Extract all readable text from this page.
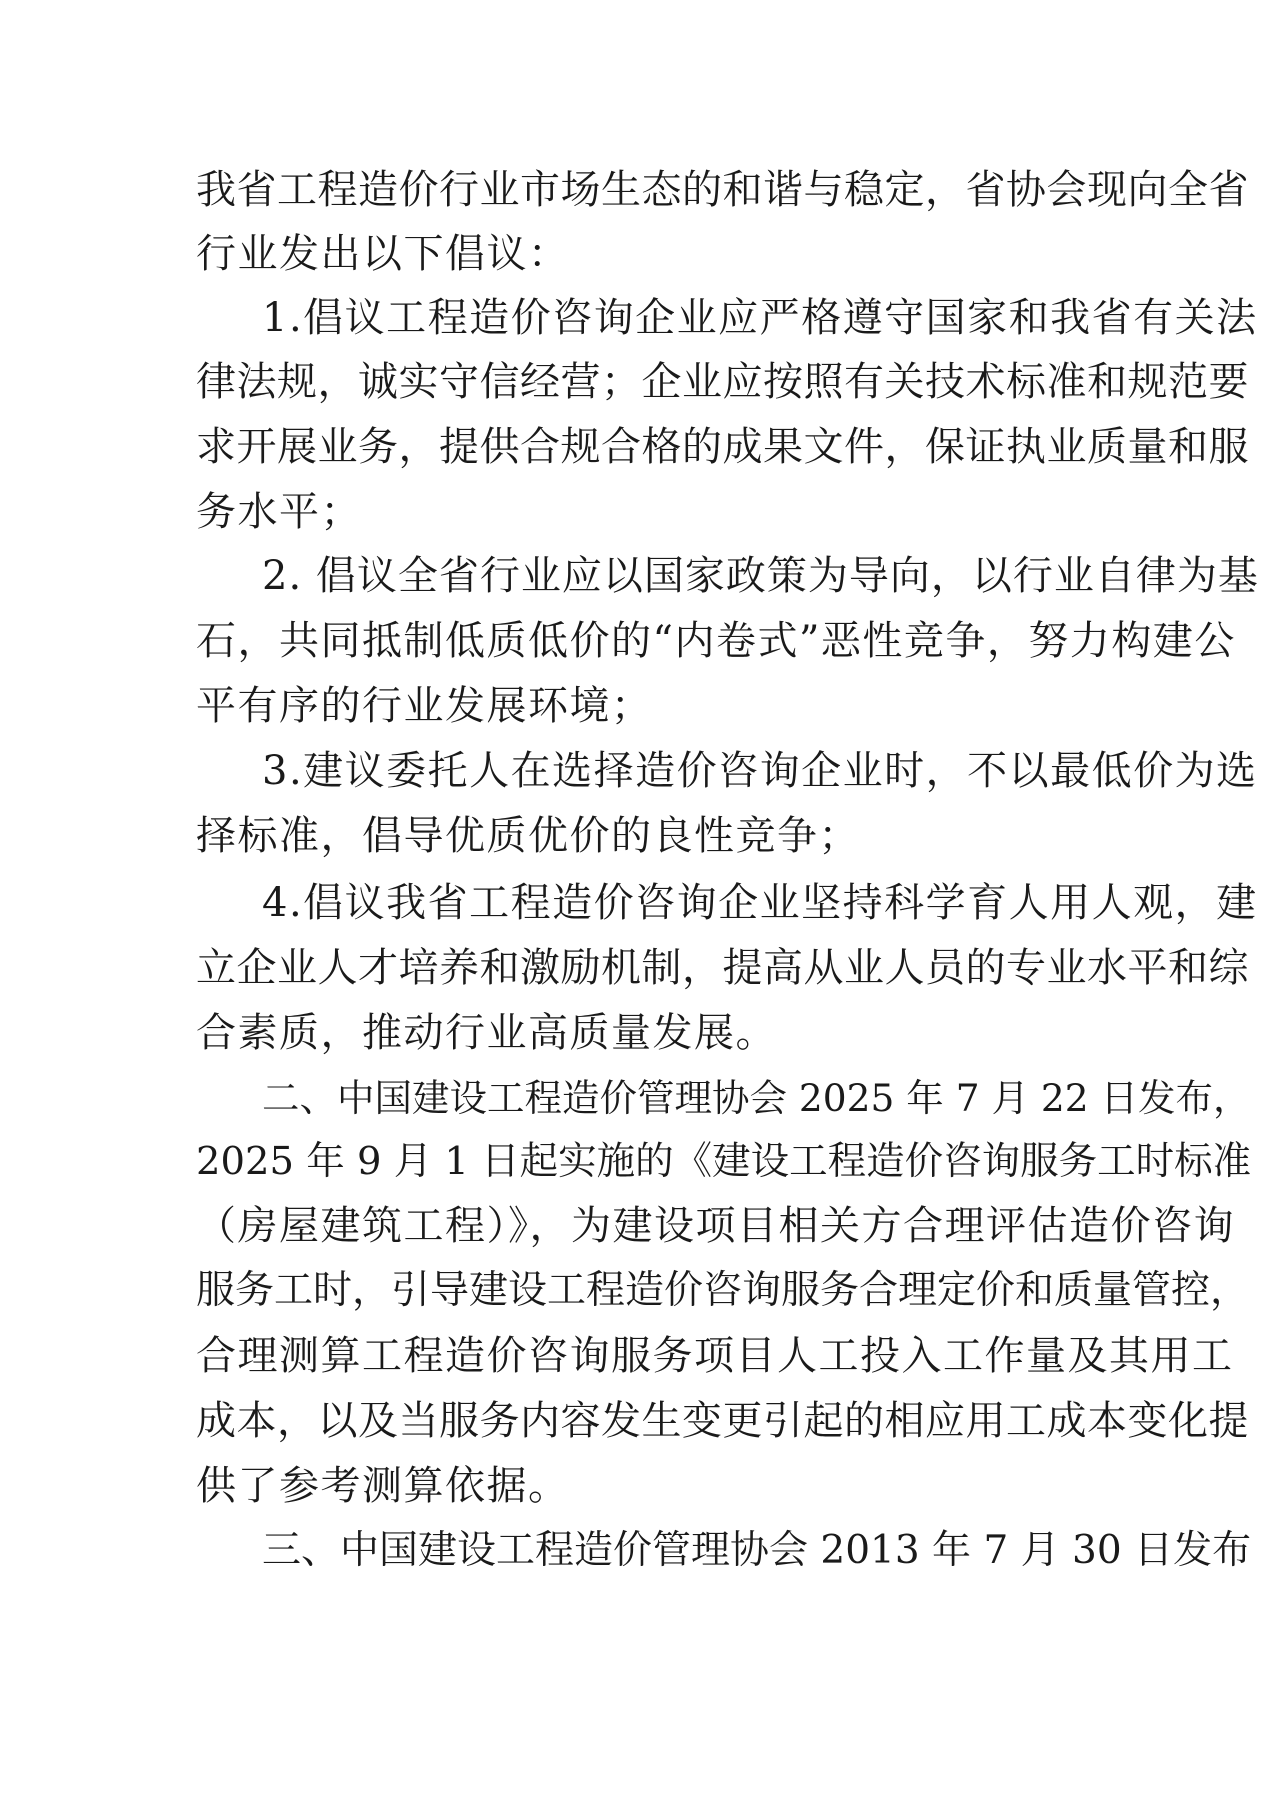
我省工程造价行业市场生态的和谐与稳定，省协会现向全省
行业发出以下倡议：
1.倡议工程造价咨询企业应严格遵守国家和我省有关法
律法规，诚实守信经营；企业应按照有关技术标准和规范要
求开展业务，提供合规合格的成果文件，保证执业质量和服
务水平；
2. 倡议全省行业应以国家政策为导向，以行业自律为基
石，共同抵制低质低价的“内卷式”恶性竞争，努力构建公
平有序的行业发展环境；
3.建议委托人在选择造价咨询企业时，不以最低价为选
择标准，倡导优质优价的良性竞争；
4.倡议我省工程造价咨询企业坚持科学育人用人观，建
立企业人才培养和激励机制，提高从业人员的专业水平和综
合素质，推动行业高质量发展。
二、中国建设工程造价管理协会 2025 年 7 月 22 日发布，
2025 年 9 月 1 日起实施的《建设工程造价咨询服务工时标准
（房屋建筑工程）》，为建设项目相关方合理评估造价咨询
服务工时，引导建设工程造价咨询服务合理定价和质量管控，
合理测算工程造价咨询服务项目人工投入工作量及其用工
成本，以及当服务内容发生变更引起的相应用工成本变化提
供了参考测算依据。
三、中国建设工程造价管理协会 2013 年 7 月 30 日发布
